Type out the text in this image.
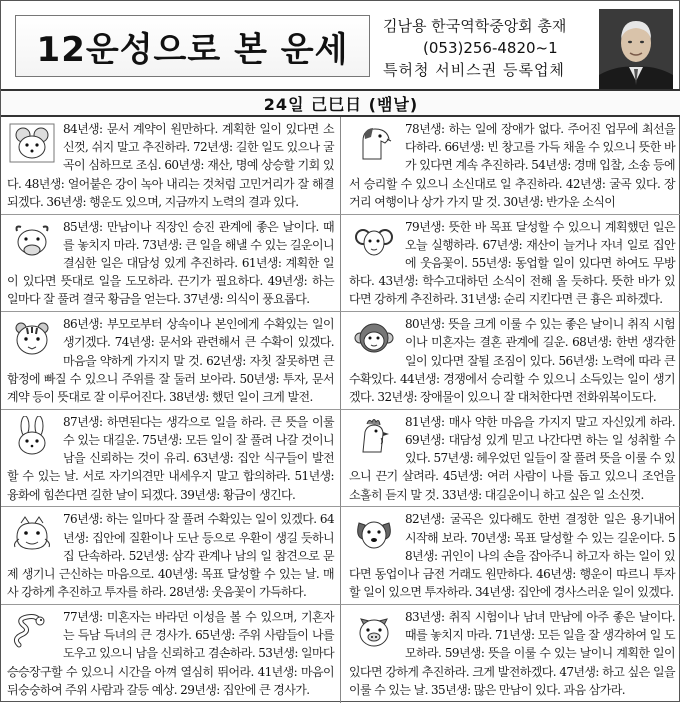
12운성으로 본 운세
김남용 한국역학중앙회 총재
(053)256-4820~1
특허청 서비스권 등록업체
24일 己巳日 (뱀날)
84년생: 문서 계약이 원만하다. 계획한 일이 있다면 소신껏, 쉬지 말고 추진하라. 72년생: 길한 일도 있으나 굴곡이 심하므로 조심. 60년생: 재산, 명예 상승할 기회 있다. 48년생: 얼어붙은 강이 녹아 내리는 것처럼 고민거리가 잘 해결되겠다. 36년생: 행운도 있으며, 지금까지 노력의 결과 있다.
78년생: 하는 일에 장애가 없다. 주어진 업무에 최선을 다하라. 66년생: 빈 창고를 가득 채울 수 있으니 뜻한 바가 있다면 계속 추진하라. 54년생: 경매 입찰, 소송 등에서 승리할 수 있으니 소신대로 일 추진하라. 42년생: 굴곡 있다. 장거리 여행이나 상가 가지 말 것. 30년생: 반가운 소식이
85년생: 만남이나 직장인 승진 관계에 좋은 날이다. 때를 놓치지 마라. 73년생: 큰 일을 해낼 수 있는 길운이니 결심한 일은 대담성 있게 추진하라. 61년생: 계획한 일이 있다면 뜻대로 일을 도모하라. 끈기가 필요하다. 49년생: 하는 일마다 잘 풀려 결국 황금을 얻는다. 37년생: 의식이 풍요롭다.
79년생: 뜻한 바 목표 달성할 수 있으니 계획했던 일은 오늘 실행하라. 67년생: 재산이 늘거나 자녀 일로 집안에 웃음꽃이. 55년생: 동업할 일이 있다면 하여도 무방하다. 43년생: 학수고대하던 소식이 전해 올 듯하다. 뜻한 바가 있다면 강하게 추진하라. 31년생: 순리 지킨다면 큰 흉은 피하겠다.
86년생: 부모로부터 상속이나 본인에게 수확있는 일이 생기겠다. 74년생: 문서와 관련해서 큰 수확이 있겠다. 마음을 약하게 가지지 말 것. 62년생: 자칫 잘못하면 큰 함정에 빠질 수 있으니 주위를 잘 둘러 보아라. 50년생: 투자, 문서 계약 등이 뜻대로 잘 이루어진다. 38년생: 했던 일이 크게 발전.
80년생: 뜻을 크게 이룰 수 있는 좋은 날이니 취직 시험이나 미혼자는 결혼 관계에 길운. 68년생: 한번 생각한 일이 있다면 잘될 조짐이 있다. 56년생: 노력에 따라 큰 수확있다. 44년생: 경쟁에서 승리할 수 있으니 소득있는 일이 생기겠다. 32년생: 장애물이 있으니 잘 대처한다면 전화위복이도다.
87년생: 하면된다는 생각으로 일을 하라. 큰 뜻을 이룰 수 있는 대길운. 75년생: 모든 일이 잘 풀려 나갈 것이니 남을 신뢰하는 것이 유리. 63년생: 집안 식구들이 발전할 수 있는 날. 서로 자기의견만 내세우지 말고 합의하라. 51년생: 융화에 힘쓴다면 길한 날이 되겠다. 39년생: 황금이 생긴다.
81년생: 매사 약한 마음을 가지지 말고 자신있게 하라. 69년생: 대담성 있게 믿고 나간다면 하는 일 성취할 수 있다. 57년생: 헤우었던 일들이 잘 풀려 뜻을 이룰 수 있으니 끈기 살려라. 45년생: 여러 사람이 나를 돕고 있으니 조언을 소홀히 듣지 말 것. 33년생: 대길운이니 하고 싶은 일 소신껏.
76년생: 하는 일마다 잘 풀려 수확있는 일이 있겠다. 64년생: 집안에 질환이나 도난 등으로 우환이 생길 듯하니 집 단속하라. 52년생: 삼각 관계나 남의 일 참견으로 문제 생기니 근신하는 마음으로. 40년생: 목표 달성할 수 있는 날. 매사 강하게 추진하고 투자를 하라. 28년생: 웃음꽃이 가득하다.
82년생: 굴곡은 있다해도 한번 결정한 일은 용기내어 시작해 보라. 70년생: 목표 달성할 수 있는 길운이다. 58년생: 귀인이 나의 손을 잡아주니 하고자 하는 일이 있다면 동업이나 금전 거래도 원만하다. 46년생: 행운이 따르니 투자할 일이 있으면 투자하라. 34년생: 집안에 경사스러운 일이 있겠다.
77년생: 미혼자는 바라던 이성을 볼 수 있으며, 기혼자는 득남 득녀의 큰 경사가. 65년생: 주위 사람들이 나를 도우고 있으니 남을 신뢰하고 겸손하라. 53년생: 일마다 승승장구할 수 있으니 시간을 아껴 열심히 뛰어라. 41년생: 마음이 뒤숭숭하여 주위 사람과 갈등 예상. 29년생: 집안에 큰 경사가.
83년생: 취직 시험이나 남녀 만남에 아주 좋은 날이다. 때를 놓치지 마라. 71년생: 모든 일을 잘 생각하여 일 도모하라. 59년생: 뜻을 이룰 수 있는 날이니 계획한 일이 있다면 강하게 추진하라. 크게 발전하겠다. 47년생: 하고 싶은 일을 이룰 수 있는 날. 35년생: 많은 만남이 있다. 과음 삼가라.
